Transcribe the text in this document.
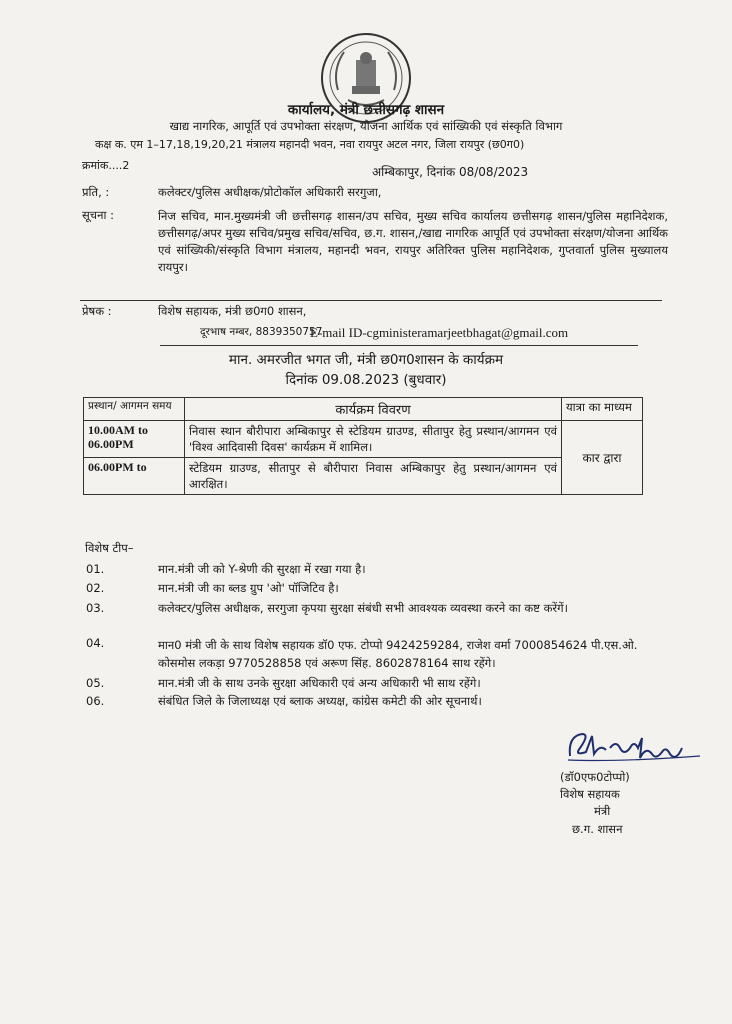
कार्यालय, मंत्री छत्तीसगढ़ शासन
खाद्य नागरिक, आपूर्ति एवं उपभोक्ता संरक्षण, योजना आर्थिक एवं सांख्यिकी एवं संस्कृति विभाग
कक्ष क. एम 1–17,18,19,20,21 मंत्रालय महानदी भवन, नवा रायपुर अटल नगर, जिला रायपुर (छ0ग0)
क्रमांक....2	अम्बिकापुर, दिनांक 08/08/2023
प्रति, :	कलेक्टर/पुलिस अधीक्षक/प्रोटोकॉल अधिकारी सरगुजा,
सूचना :	निज सचिव, मान.मुख्यमंत्री जी छत्तीसगढ़ शासन/उप सचिव, मुख्य सचिव कार्यालय छत्तीसगढ़ शासन/पुलिस महानिदेशक, छत्तीसगढ़/अपर मुख्य सचिव/प्रमुख सचिव/सचिव, छ.ग. शासन,/खाद्य नागरिक आपूर्ति एवं उपभोक्ता संरक्षण/योजना आर्थिक एवं सांख्यिकी/संस्कृति विभाग मंत्रालय, महानदी भवन, रायपुर अतिरिक्त पुलिस महानिदेशक, गुप्तवार्ता पुलिस मुख्यालय रायपुर।
प्रेषक :	विशेष सहायक, मंत्री छ0ग0 शासन,
दूरभाष नम्बर, 8839350757
E-mail ID-cgministeramarjeetbhagat@gmail.com
मान. अमरजीत भगत जी, मंत्री छ0ग0शासन के कार्यक्रम
दिनांक 09.08.2023 (बुधवार)
प्रस्थान/ आगमन समय	कार्यक्रम विवरण	यात्रा का माध्यम
10.00AM to 06.00PM	निवास स्थान बौरीपारा अम्बिकापुर से स्टेडियम ग्राउण्ड, सीतापुर हेतु प्रस्थान/आगमन एवं 'विश्व आदिवासी दिवस' कार्यक्रम में शामिल।	कार द्वारा
06.00PM to	स्टेडियम ग्राउण्ड, सीतापुर से बौरीपारा निवास अम्बिकापुर हेतु प्रस्थान/आगमन एवं आरक्षित।	
विशेष टीप–
01.	मान.मंत्री जी को Y-श्रेणी की सुरक्षा में रखा गया है।
02.	मान.मंत्री जी का ब्लड ग्रुप 'ओ' पॉजिटिव है।
03.	कलेक्टर/पुलिस अधीक्षक, सरगुजा कृपया सुरक्षा संबंधी सभी आवश्यक व्यवस्था करने का कष्ट करेंगें।
04.	मान0 मंत्री जी के साथ विशेष सहायक डॉ0 एफ. टोप्पो 9424259284, राजेश वर्मा 7000854624 पी.एस.ओ. कोसमोस लकड़ा 9770528858 एवं अरूण सिंह. 8602878164 साथ रहेंगे।
05.	मान.मंत्री जी के साथ उनके सुरक्षा अधिकारी एवं अन्य अधिकारी भी साथ रहेंगे।
06.	संबंधित जिले के जिलाध्यक्ष एवं ब्लाक अध्यक्ष, कांग्रेस कमेटी की ओर सूचनार्थ।
(डॉ0एफ0टोप्पो)
विशेष सहायक
मंत्री
छ.ग. शासन
